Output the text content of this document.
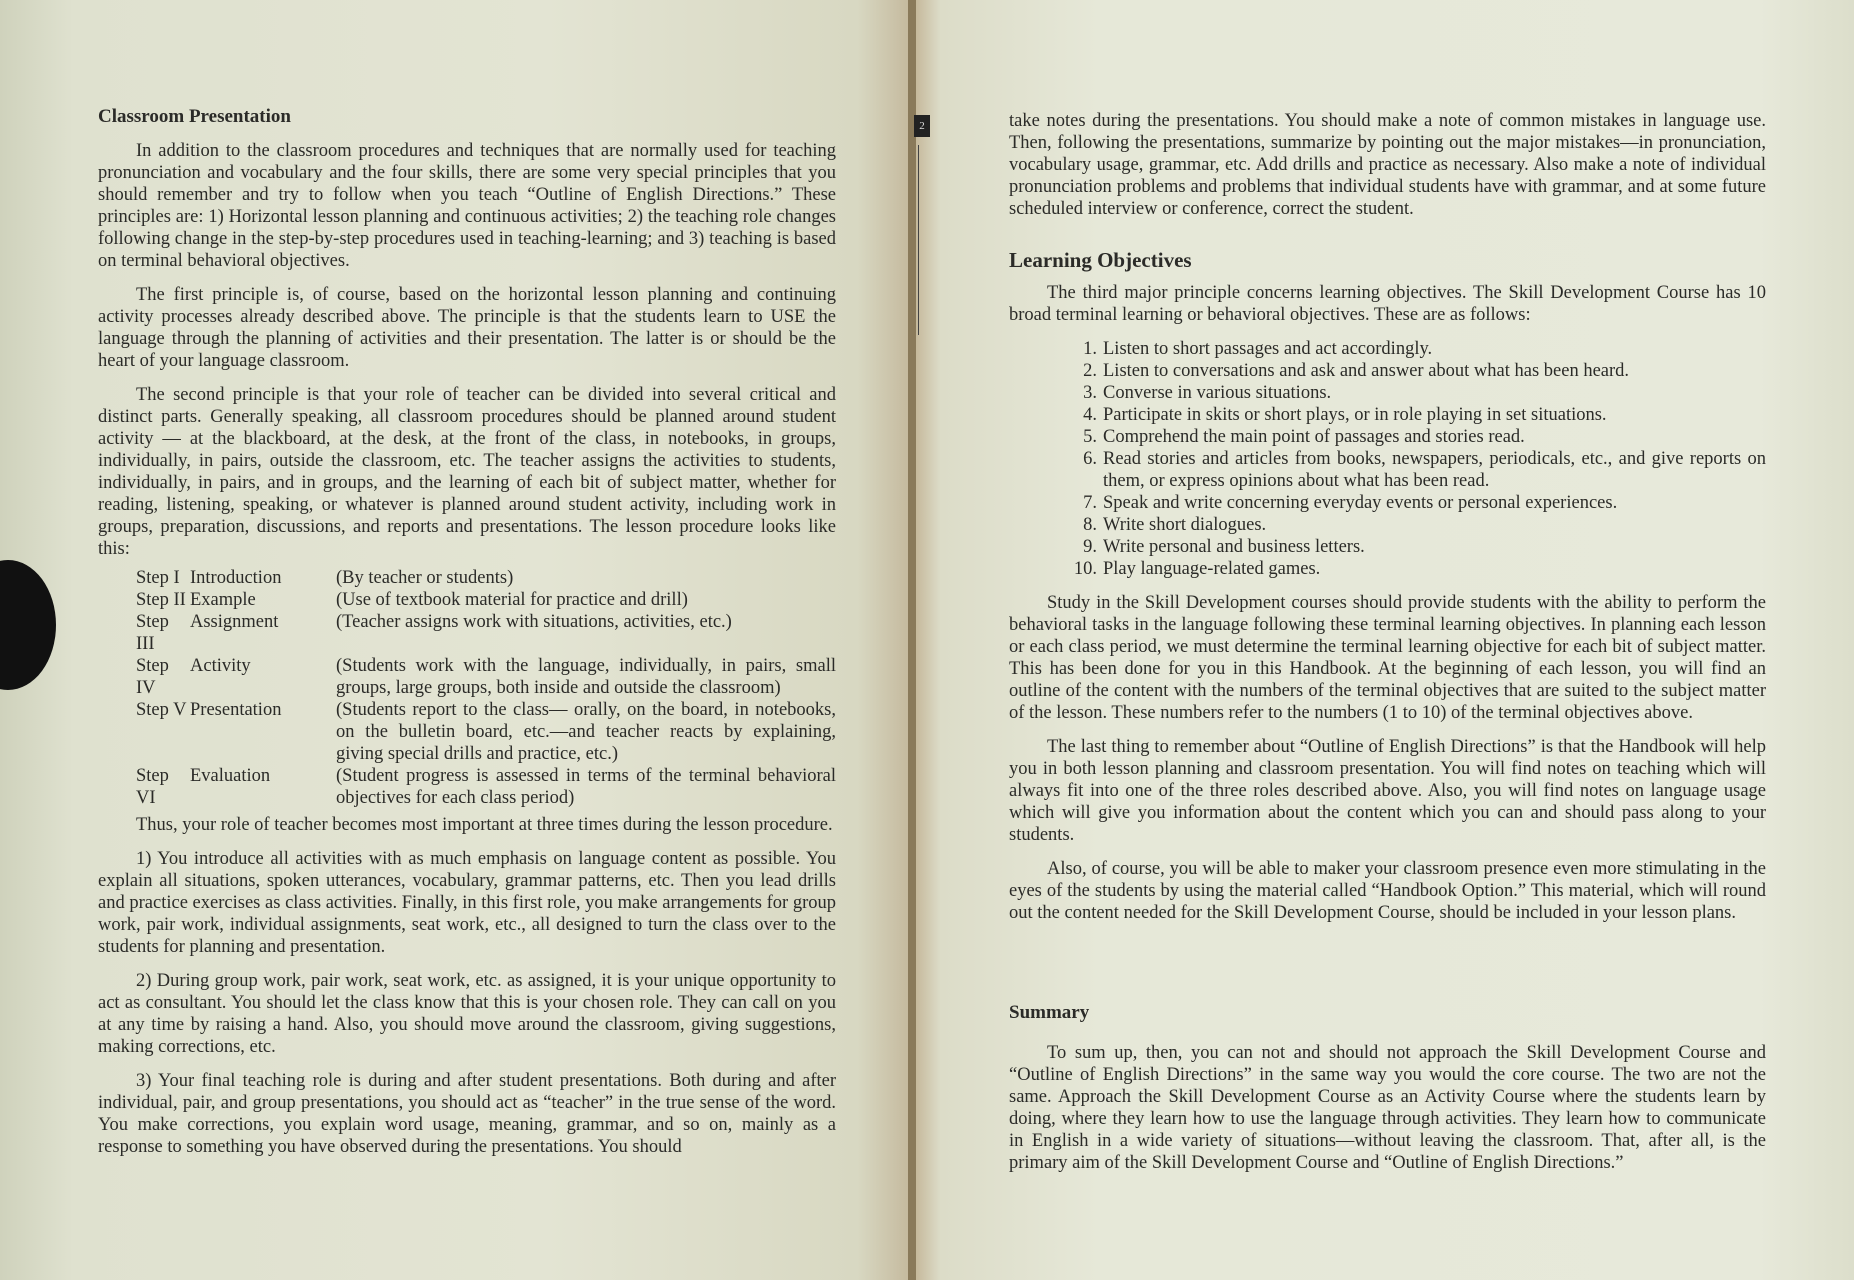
2
Classroom Presentation

In addition to the classroom procedures and techniques that are normally used for teaching pronunciation and vocabulary and the four skills, there are some very special principles that you should remember and try to follow when you teach “Outline of English Directions.” These principles are: 1) Horizontal lesson planning and continuous activities; 2) the teaching role changes following change in the step-by-step procedures used in teaching-learning; and 3) teaching is based on terminal behavioral objectives.

The first principle is, of course, based on the horizontal lesson planning and continuing activity processes already described above. The principle is that the students learn to USE the language through the planning of activities and their presentation. The latter is or should be the heart of your language classroom.

The second principle is that your role of teacher can be divided into several critical and distinct parts. Generally speaking, all classroom procedures should be planned around student activity — at the blackboard, at the desk, at the front of the class, in notebooks, in groups, individually, in pairs, outside the classroom, etc. The teacher assigns the activities to students, individually, in pairs, and in groups, and the learning of each bit of subject matter, whether for reading, listening, speaking, or whatever is planned around student activity, including work in groups, preparation, discussions, and reports and presentations. The lesson procedure looks like this:

Step I Introduction	(By teacher or students)
Step II Example	(Use of textbook material for practice and drill)
Step III
Assignment	(Teacher assigns work with situations, activities, etc.)
Step IV
Activity	(Students work with the language, individually, in pairs, small groups, large groups, both inside and outside the classroom)
Step V Presentation	(Students report to the class— orally, on the board, in notebooks, on the bulletin board, etc.—and teacher reacts by explaining, giving special drills and practice, etc.)
Step VI
Evaluation	(Student progress is assessed in terms of the terminal behavioral objectives for each class period)

Thus, your role of teacher becomes most important at three times during the lesson procedure.

1) You introduce all activities with as much emphasis on language content as possible. You explain all situations, spoken utterances, vocabulary, grammar patterns, etc. Then you lead drills and practice exercises as class activities. Finally, in this first role, you make arrangements for group work, pair work, individual assignments, seat work, etc., all designed to turn the class over to the students for planning and presentation.

2) During group work, pair work, seat work, etc. as assigned, it is your unique opportunity to act as consultant. You should let the class know that this is your chosen role. They can call on you at any time by raising a hand. Also, you should move around the classroom, giving suggestions, making corrections, etc.

3) Your final teaching role is during and after student presentations. Both during and after individual, pair, and group presentations, you should act as “teacher” in the true sense of the word. You make corrections, you explain word usage, meaning, grammar, and so on, mainly as a response to something you have observed during the presentations. You should

take notes during the presentations. You should make a note of common mistakes in language use. Then, following the presentations, summarize by pointing out the major mistakes—in pronunciation, vocabulary usage, grammar, etc. Add drills and practice as necessary. Also make a note of individual pronunciation problems and problems that individual students have with grammar, and at some future scheduled interview or conference, correct the student.

Learning Objectives

The third major principle concerns learning objectives. The Skill Development Course has 10 broad terminal learning or behavioral objectives. These are as follows:

1. Listen to short passages and act accordingly.
2. Listen to conversations and ask and answer about what has been heard.
3. Converse in various situations.
4. Participate in skits or short plays, or in role playing in set situations.
5. Comprehend the main point of passages and stories read.
6. Read stories and articles from books, newspapers, periodicals, etc., and give reports on them, or express opinions about what has been read.
7. Speak and write concerning everyday events or personal experiences.
8. Write short dialogues.
9. Write personal and business letters.
10. Play language-related games.

Study in the Skill Development courses should provide students with the ability to perform the behavioral tasks in the language following these terminal learning objectives. In planning each lesson or each class period, we must determine the terminal learning objective for each bit of subject matter. This has been done for you in this Handbook. At the beginning of each lesson, you will find an outline of the content with the numbers of the terminal objectives that are suited to the subject matter of the lesson. These numbers refer to the numbers (1 to 10) of the terminal objectives above.

The last thing to remember about “Outline of English Directions” is that the Handbook will help you in both lesson planning and classroom presentation. You will find notes on teaching which will always fit into one of the three roles described above. Also, you will find notes on language usage which will give you information about the content which you can and should pass along to your students.

Also, of course, you will be able to maker your classroom presence even more stimulating in the eyes of the students by using the material called “Handbook Option.” This material, which will round out the content needed for the Skill Development Course, should be included in your lesson plans.

Summary

To sum up, then, you can not and should not approach the Skill Development Course and “Outline of English Directions” in the same way you would the core course. The two are not the same. Approach the Skill Development Course as an Activity Course where the students learn by doing, where they learn how to use the language through activities. They learn how to communicate in English in a wide variety of situations—without leaving the classroom. That, after all, is the primary aim of the Skill Development Course and “Outline of English Directions.”
